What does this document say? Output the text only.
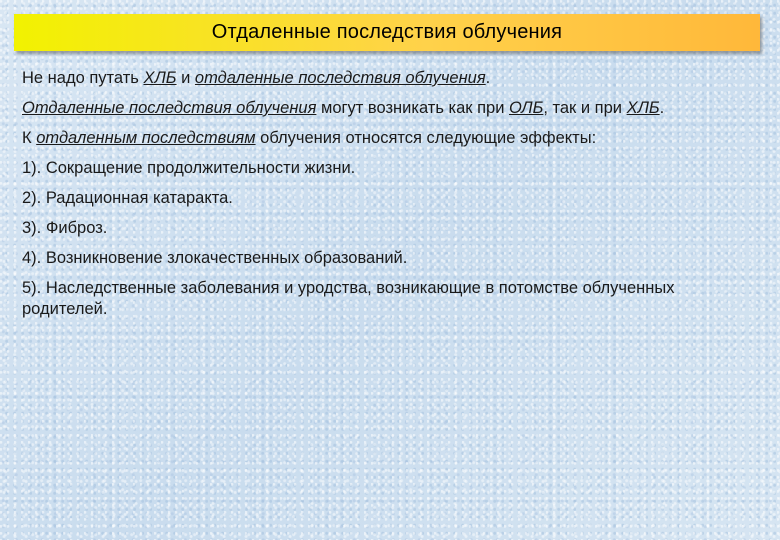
Отдаленные последствия облучения

Не надо путать ХЛБ и отдаленные последствия облучения.

Отдаленные последствия облучения могут возникать как при ОЛБ, так и при ХЛБ.

К отдаленным последствиям облучения относятся следующие эффекты:

1). Сокращение продолжительности жизни.

2). Радационная катаракта.

3). Фиброз.

4). Возникновение злокачественных образований.

5). Наследственные заболевания и уродства, возникающие в потомстве облученных родителей.
